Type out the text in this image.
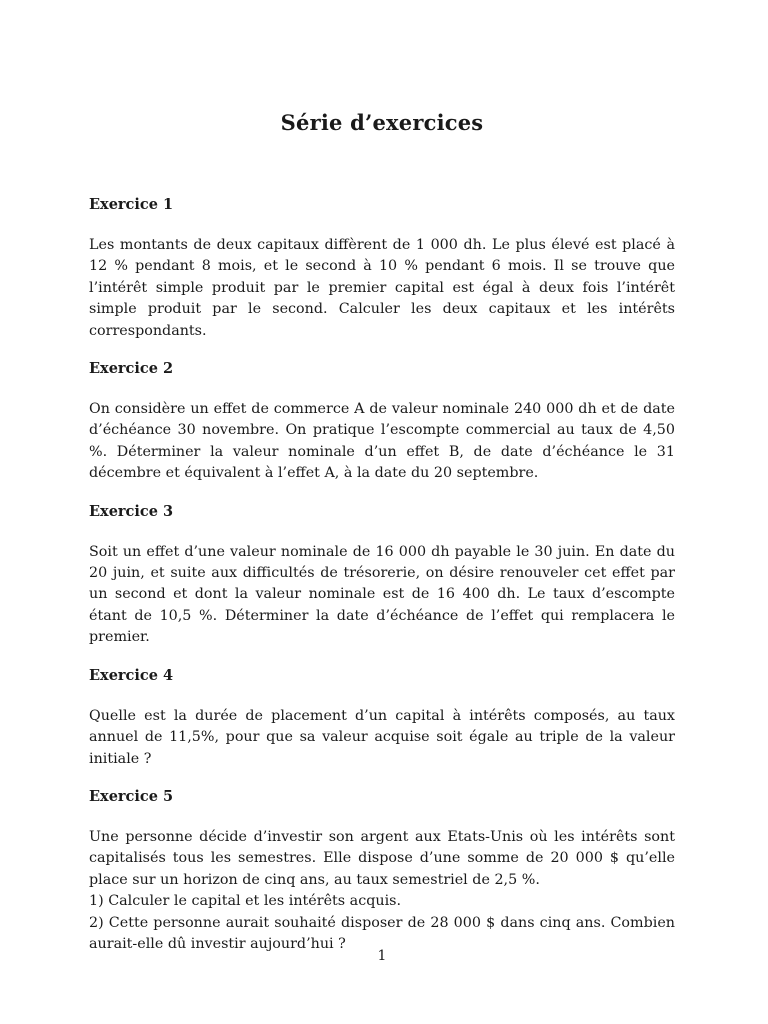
Série d’exercices
Exercice 1

Les montants de deux capitaux diffèrent de 1 000 dh. Le plus élevé est placé à 12 % pendant 8 mois, et le second à 10 % pendant 6 mois. Il se trouve que l’intérêt simple produit par le premier capital est égal à deux fois l’intérêt simple produit par le second. Calculer les deux capitaux et les intérêts correspondants.

Exercice 2

On considère un effet de commerce A de valeur nominale 240 000 dh et de date d’échéance 30 novembre. On pratique l’escompte commercial au taux de 4,50 %. Déterminer la valeur nominale d’un effet B, de date d’échéance le 31 décembre et équivalent à l’effet A, à la date du 20 septembre.

Exercice 3

Soit un effet d’une valeur nominale de 16 000 dh payable le 30 juin. En date du 20 juin, et suite aux difficultés de trésorerie, on désire renouveler cet effet par un second et dont la valeur nominale est de 16 400 dh. Le taux d’escompte étant de 10,5 %. Déterminer la date d’échéance de l’effet qui remplacera le premier.

Exercice 4

Quelle est la durée de placement d’un capital à intérêts composés, au taux annuel de 11,5%, pour que sa valeur acquise soit égale au triple de la valeur initiale ?

Exercice 5

Une personne décide d’investir son argent aux Etats-Unis où les intérêts sont capitalisés tous les semestres. Elle dispose d’une somme de 20 000 $ qu’elle place sur un horizon de cinq ans, au taux semestriel de 2,5 %.

1) Calculer le capital et les intérêts acquis.

2) Cette personne aurait souhaité disposer de 28 000 $ dans cinq ans. Combien aurait-elle dû investir aujourd’hui ?

1
